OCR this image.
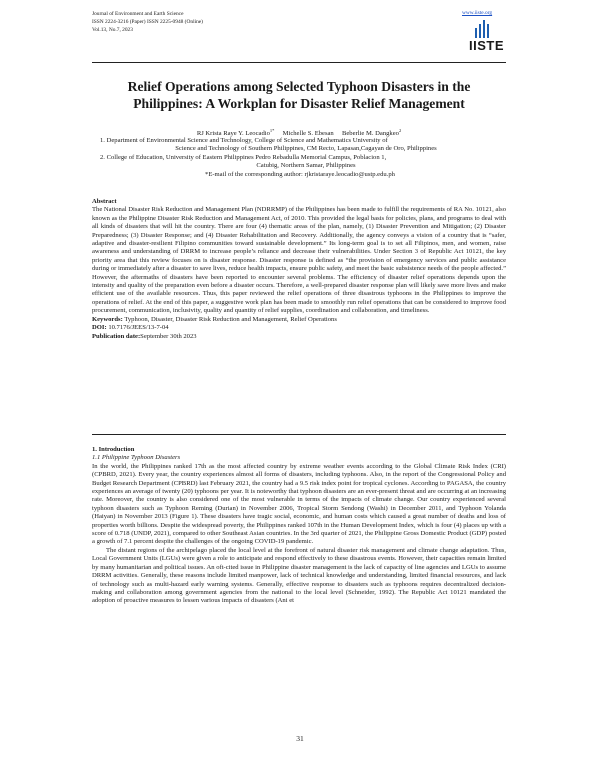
Journal of Environment and Earth Science
ISSN 2224-3216 (Paper) ISSN 2225-0948 (Online)
Vol.13, No.7, 2023
www.iiste.org
IISTE
Relief Operations among Selected Typhoon Disasters in the Philippines: A Workplan for Disaster Relief Management
RJ Krista Raye Y. Leocadio$^{1*}$ Michelle S. Ebesan Beberlie M. Dangkeo$^2$
1. Department of Environmental Science and Technology, College of Science and Mathematics University of
Science and Technology of Southern Philippines, CM Recto, Lapasan,Cagayan de Oro, Philippines
2. College of Education, University of Eastern Philippines Pedro Rebadulla Memorial Campus, Poblacion 1,
Catubig, Northern Samar, Philippines
*E-mail of the corresponding author: rjkristaraye.leocadio@ustp.edu.ph
Abstract
The National Disaster Risk Reduction and Management Plan (NDRRMP) of the Philippines has been made to fulfill the requirements of RA No. 10121, also known as the Philippine Disaster Risk Reduction and Management Act, of 2010. This provided the legal basis for policies, plans, and programs to deal with all kinds of disasters that will hit the country. There are four (4) thematic areas of the plan, namely, (1) Disaster Prevention and Mitigation; (2) Disaster Preparedness; (3) Disaster Response; and (4) Disaster Rehabilitation and Recovery. Additionally, the agency conveys a vision of a country that is “safer, adaptive and disaster-resilient Filipino communities toward sustainable development.” Its long-term goal is to set all Filipinos, men, and women, raise awareness and understanding of DRRM to increase people’s reliance and decrease their vulnerabilities. Under Section 3 of Republic Act 10121, the key priority area that this review focuses on is disaster response. Disaster response is defined as “the provision of emergency services and public assistance during or immediately after a disaster to save lives, reduce health impacts, ensure public safety, and meet the basic subsistence needs of the people affected.” However, the aftermaths of disasters have been reported to encounter several problems. The efficiency of disaster relief operations depends upon the intensity and quality of the preparation even before a disaster occurs. Therefore, a well-prepared disaster response plan will likely save more lives and make efficient use of the available resources. Thus, this paper reviewed the relief operations of three disastrous typhoons in the Philippines to improve the operations of relief. At the end of this paper, a suggestive work plan has been made to smoothly run relief operations that can be considered to improve food procurement, communication, inclusivity, quality and quantity of relief supplies, coordination and collaboration, and timeliness.
Keywords: Typhoon, Disaster, Disaster Risk Reduction and Management, Relief Operations
DOI: 10.7176/JEES/13-7-04
Publication date:September 30th 2023
1. Introduction
1.1 Philippine Typhoon Disasters
In the world, the Philippines ranked 17th as the most affected country by extreme weather events according to the Global Climate Risk Index (CRI) (CPBRD, 2021). Every year, the country experiences almost all forms of disasters, including typhoons. Also, in the report of the Congressional Policy and Budget Research Department (CPBRD) last February 2021, the country had a 9.5 risk index point for tropical cyclones. According to PAGASA, the country experiences an average of twenty (20) typhoons per year. It is noteworthy that typhoon disasters are an ever-present threat and are occurring at an increasing rate. Moreover, the country is also considered one of the most vulnerable in terms of the impacts of climate change. Our country experienced several typhoon disasters such as Typhoon Reming (Durian) in November 2006, Tropical Storm Sendong (Washi) in December 2011, and Typhoon Yolanda (Haiyan) in November 2013 (Figure 1). These disasters have tragic social, economic, and human costs which caused a great number of deaths and loss of properties worth billions. Despite the widespread poverty, the Philippines ranked 107th in the Human Development Index, which is four (4) places up with a score of 0.718 (UNDP, 2021), compared to other Southeast Asian countries. In the 3rd quarter of 2021, the Philippine Gross Domestic Product (GDP) posted a growth of 7.1 percent despite the challenges of the ongoing COVID-19 pandemic.
The distant regions of the archipelago placed the local level at the forefront of natural disaster risk management and climate change adaptation. Thus, Local Government Units (LGUs) were given a role to anticipate and respond effectively to these disastrous events. However, their capacities remain limited by many humanitarian and political issues. An oft-cited issue in Philippine disaster management is the lack of capacity of line agencies and LGUs to assume DRRM activities. Generally, these reasons include limited manpower, lack of technical knowledge and understanding, limited financial resources, and lack of technology such as multi-hazard early warning systems. Generally, effective response to disasters such as typhoons requires decentralized decision-making and collaboration among government agencies from the national to the local level (Schneider, 1992). The Republic Act 10121 mandated the adoption of proactive measures to lessen various impacts of disasters (Ani et
31
